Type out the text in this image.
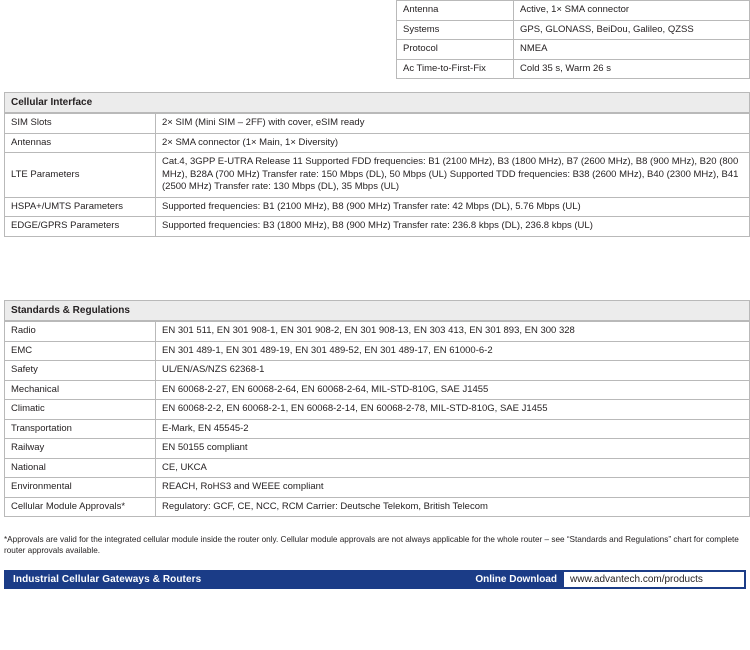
Antenna	Active, 1× SMA connector
Systems	GPS, GLONASS, BeiDou, Galileo, QZSS
Protocol	NMEA
Ac Time-to-First-Fix	Cold 35 s, Warm 26 s
Cellular Interface
SIM Slots	2× SIM (Mini SIM – 2FF) with cover, eSIM ready
Antennas	2× SMA connector (1× Main, 1× Diversity)
LTE Parameters	Cat.4, 3GPP E-UTRA Release 11 Supported FDD frequencies: B1 (2100 MHz), B3 (1800 MHz), B7 (2600 MHz), B8 (900 MHz), B20 (800 MHz), B28A (700 MHz) Transfer rate: 150 Mbps (DL), 50 Mbps (UL) Supported TDD frequencies: B38 (2600 MHz), B40 (2300 MHz), B41 (2500 MHz) Transfer rate: 130 Mbps (DL), 35 Mbps (UL)
HSPA+/UMTS Parameters	Supported frequencies: B1 (2100 MHz), B8 (900 MHz) Transfer rate: 42 Mbps (DL), 5.76 Mbps (UL)
EDGE/GPRS Parameters	Supported frequencies: B3 (1800 MHz), B8 (900 MHz) Transfer rate: 236.8 kbps (DL), 236.8 kbps (UL)
Standards & Regulations
Radio	EN 301 511, EN 301 908-1, EN 301 908-2, EN 301 908-13, EN 303 413, EN 301 893, EN 300 328
EMC	EN 301 489-1, EN 301 489-19, EN 301 489-52, EN 301 489-17, EN 61000-6-2
Safety	UL/EN/AS/NZS 62368-1
Mechanical	EN 60068-2-27, EN 60068-2-64, EN 60068-2-64, MIL-STD-810G, SAE J1455
Climatic	EN 60068-2-2, EN 60068-2-1, EN 60068-2-14, EN 60068-2-78, MIL-STD-810G, SAE J1455
Transportation	E-Mark, EN 45545-2
Railway	EN 50155 compliant
National	CE, UKCA
Environmental	REACH, RoHS3 and WEEE compliant
Cellular Module Approvals*	Regulatory: GCF, CE, NCC, RCM Carrier: Deutsche Telekom, British Telecom
*Approvals are valid for the integrated cellular module inside the router only. Cellular module approvals are not always applicable for the whole router – see “Standards and Regulations” chart for complete router approvals available.
Industrial Cellular Gateways & Routers	Online Download	www.advantech.com/products
